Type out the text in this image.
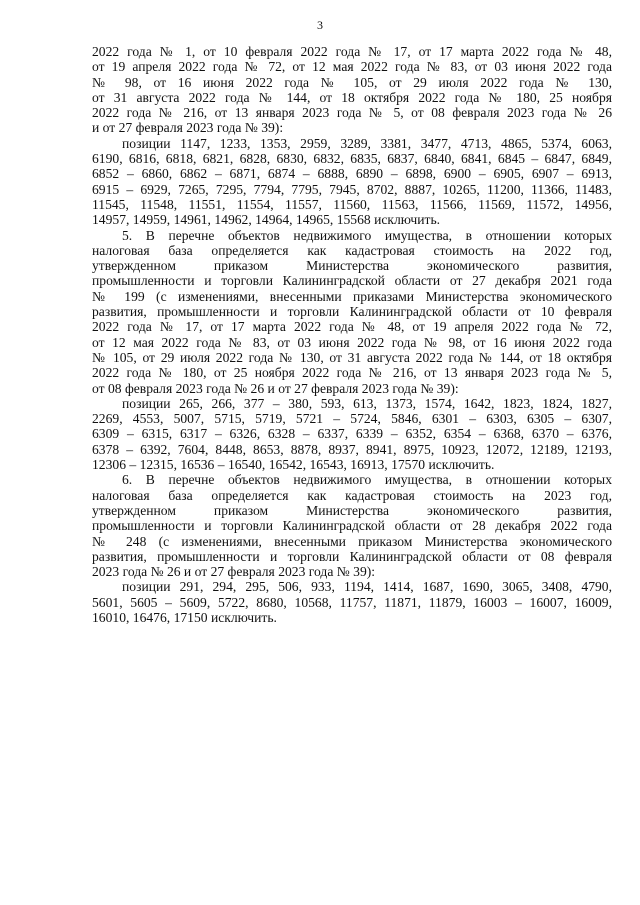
3
2022 года № 1, от 10 февраля 2022 года № 17, от 17 марта 2022 года № 48,
от 19 апреля 2022 года № 72, от 12 мая 2022 года № 83, от 03 июня 2022 года
№ 98, от 16 июня 2022 года № 105, от 29 июля 2022 года № 130,
от 31 августа 2022 года № 144, от 18 октября 2022 года № 180, 25 ноября
2022 года № 216, от 13 января 2023 года № 5, от 08 февраля 2023 года № 26
и от 27 февраля 2023 года № 39):
позиции 1147, 1233, 1353, 2959, 3289, 3381, 3477, 4713, 4865, 5374, 6063,
6190, 6816, 6818, 6821, 6828, 6830, 6832, 6835, 6837, 6840, 6841, 6845 – 6847, 6849,
6852 – 6860, 6862 – 6871, 6874 – 6888, 6890 – 6898, 6900 – 6905, 6907 – 6913,
6915 – 6929, 7265, 7295, 7794, 7795, 7945, 8702, 8887, 10265, 11200, 11366, 11483,
11545, 11548, 11551, 11554, 11557, 11560, 11563, 11566, 11569, 11572, 14956,
14957, 14959, 14961, 14962, 14964, 14965, 15568 исключить.
5. В перечне объектов недвижимого имущества, в отношении которых
налоговая база определяется как кадастровая стоимость на 2022 год,
утвержденном приказом Министерства экономического развития,
промышленности и торговли Калининградской области от 27 декабря 2021 года
№ 199 (с изменениями, внесенными приказами Министерства экономического
развития, промышленности и торговли Калининградской области от 10 февраля
2022 года № 17, от 17 марта 2022 года № 48, от 19 апреля 2022 года № 72,
от 12 мая 2022 года № 83, от 03 июня 2022 года № 98, от 16 июня 2022 года
№ 105, от 29 июля 2022 года № 130, от 31 августа 2022 года № 144, от 18 октября
2022 года № 180, от 25 ноября 2022 года № 216, от 13 января 2023 года № 5,
от 08 февраля 2023 года № 26 и от 27 февраля 2023 года № 39):
позиции 265, 266, 377 – 380, 593, 613, 1373, 1574, 1642, 1823, 1824, 1827,
2269, 4553, 5007, 5715, 5719, 5721 – 5724, 5846, 6301 – 6303, 6305 – 6307,
6309 – 6315, 6317 – 6326, 6328 – 6337, 6339 – 6352, 6354 – 6368, 6370 – 6376,
6378 – 6392, 7604, 8448, 8653, 8878, 8937, 8941, 8975, 10923, 12072, 12189, 12193,
12306 – 12315, 16536 – 16540, 16542, 16543, 16913, 17570 исключить.
6. В перечне объектов недвижимого имущества, в отношении которых
налоговая база определяется как кадастровая стоимость на 2023 год,
утвержденном приказом Министерства экономического развития,
промышленности и торговли Калининградской области от 28 декабря 2022 года
№ 248 (с изменениями, внесенными приказом Министерства экономического
развития, промышленности и торговли Калининградской области от 08 февраля
2023 года № 26 и от 27 февраля 2023 года № 39):
позиции 291, 294, 295, 506, 933, 1194, 1414, 1687, 1690, 3065, 3408, 4790,
5601, 5605 – 5609, 5722, 8680, 10568, 11757, 11871, 11879, 16003 – 16007, 16009,
16010, 16476, 17150 исключить.
